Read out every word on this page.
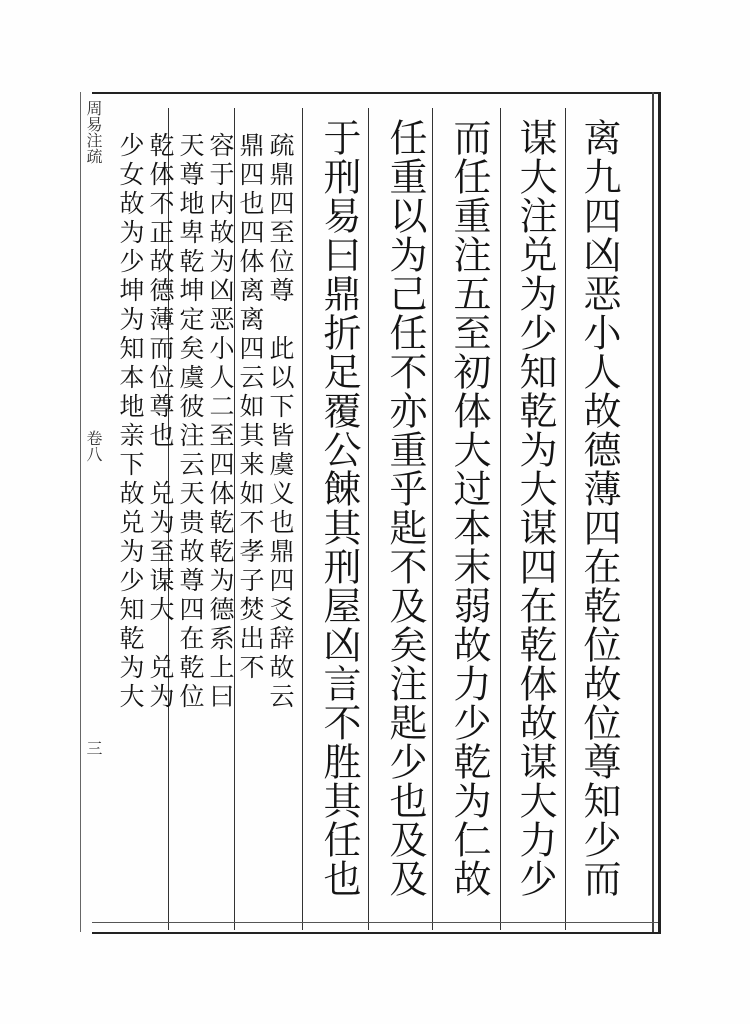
周易注疏
卷八
三	离九四凶恶小人故德薄四在乾位故位尊知少而
谋大注兑为少知乾为大谋四在乾体故谋大力少
而任重注五至初体大过本末弱故力少乾为仁故
任重以为己任不亦重乎匙不及矣注匙少也及及
于刑易曰鼎折足覆公餗其刑屋凶言不胜其任也
疏鼎四至位尊　此以下皆虞义也鼎四爻辞故云
鼎四也四体离离四云如其来如不孝子焚出不
容于内故为凶恶小人二至四体乾乾为德系上曰
天尊地卑乾坤定矣虞彼注云天贵故尊四在乾位
乾体不正故德薄而位尊也　兑为至谋大　兑为
少女故为少坤为知本地亲下故兑为少知乾为大
